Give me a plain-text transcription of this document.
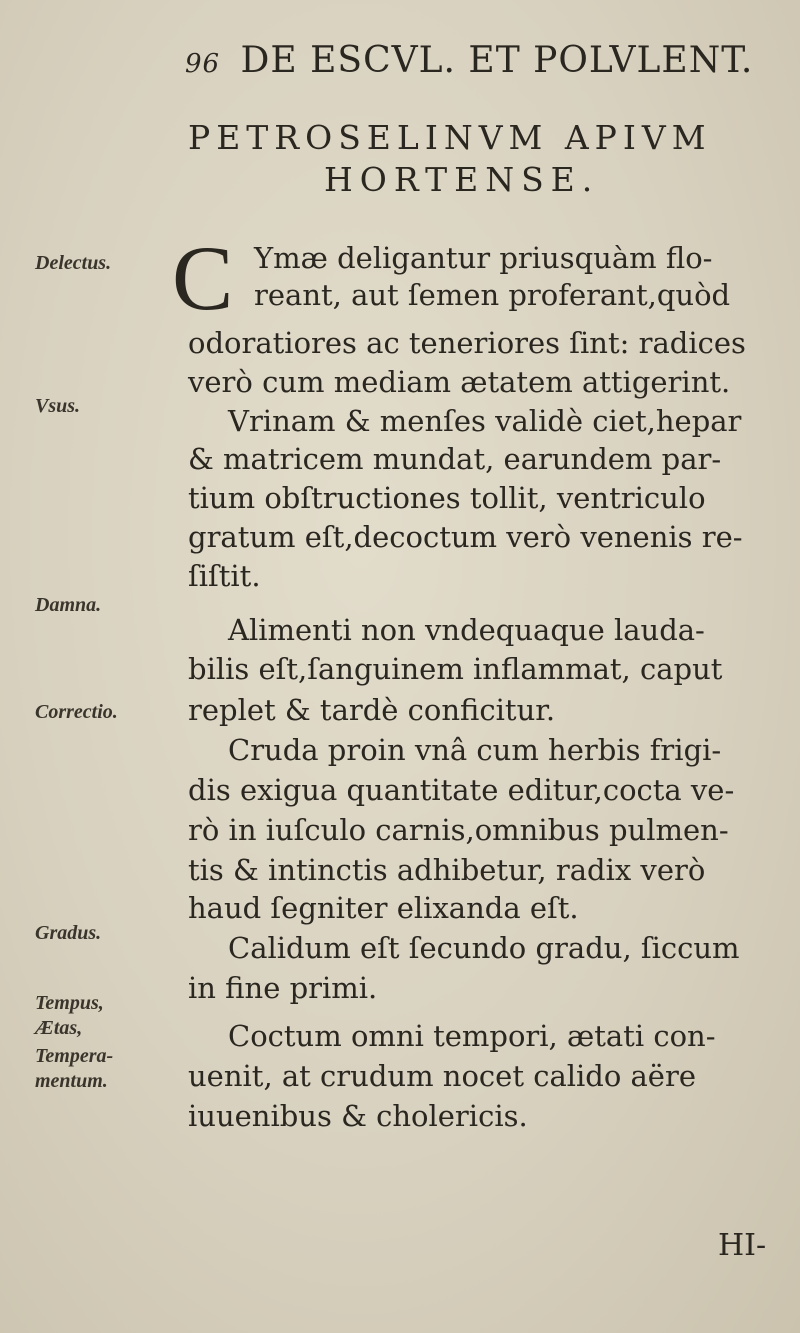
96 DE ESCVL. ET POLVLENT.
PETROSELINVM APIVM
HORTENSE.
Delectus.
Vsus.
Damna.
Correctio.
Gradus.
Tempus,
Ætas,
Tempera-
mentum.
C Ymæ deligantur priusquàm flo-
reant, aut ſemen proferant,quòd
odoratiores ac teneriores ſint: radices
verò cum mediam ætatem attigerint.
Vrinam & menſes validè ciet,hepar
& matricem mundat, earundem par-
tium obſtructiones tollit, ventriculo
gratum eſt,decoctum verò venenis re-
ſiſtit.
Alimenti non vndequaque lauda-
bilis eſt,ſanguinem inflammat, caput
replet & tardè conficitur.
Cruda proin vnâ cum herbis frigi-
dis exigua quantitate editur,cocta ve-
rò in iuſculo carnis,omnibus pulmen-
tis & intinctis adhibetur, radix verò
haud ſegniter elixanda eſt.
Calidum eſt ſecundo gradu, ſiccum
in fine primi.
Coctum omni tempori, ætati con-
uenit, at crudum nocet calido aëre
iuuenibus & cholericis.
HI-
